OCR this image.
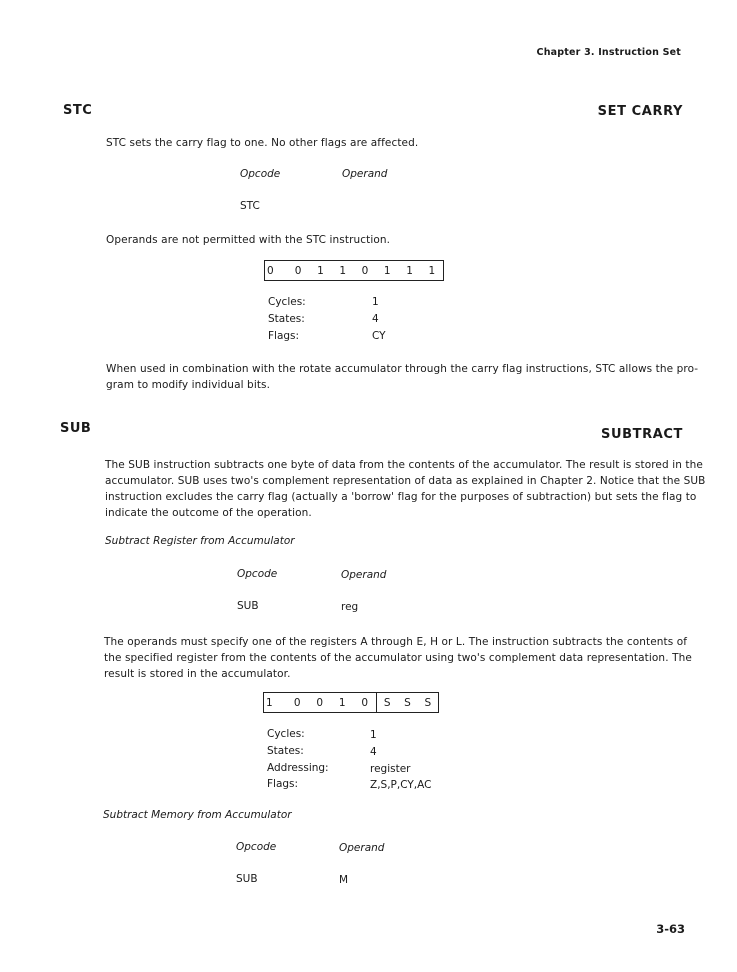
Chapter 3. Instruction Set
STC	SET CARRY
STC sets the carry flag to one. No other flags are affected.
Opcode	Operand
STC
Operands are not permitted with the STC instruction.
0	0	1	1	0	1	1	1
Cycles:	1
States:	4
Flags:	CY
When used in combination with the rotate accumulator through the carry flag instructions, STC allows the pro-
gram to modify individual bits.
SUB	SUBTRACT
The SUB instruction subtracts one byte of data from the contents of the accumulator. The result is stored in the
accumulator. SUB uses two's complement representation of data as explained in Chapter 2. Notice that the SUB
instruction excludes the carry flag (actually a 'borrow' flag for the purposes of subtraction) but sets the flag to
indicate the outcome of the operation.
Subtract Register from Accumulator
Opcode	Operand
SUB	reg
The operands must specify one of the registers A through E, H or L. The instruction subtracts the contents of
the specified register from the contents of the accumulator using two's complement data representation. The
result is stored in the accumulator.
1	0	0	1	0	S	S	S
Cycles:	1
States:	4
Addressing:	register
Flags:	Z,S,P,CY,AC
Subtract Memory from Accumulator
Opcode	Operand
SUB	M
3-63
